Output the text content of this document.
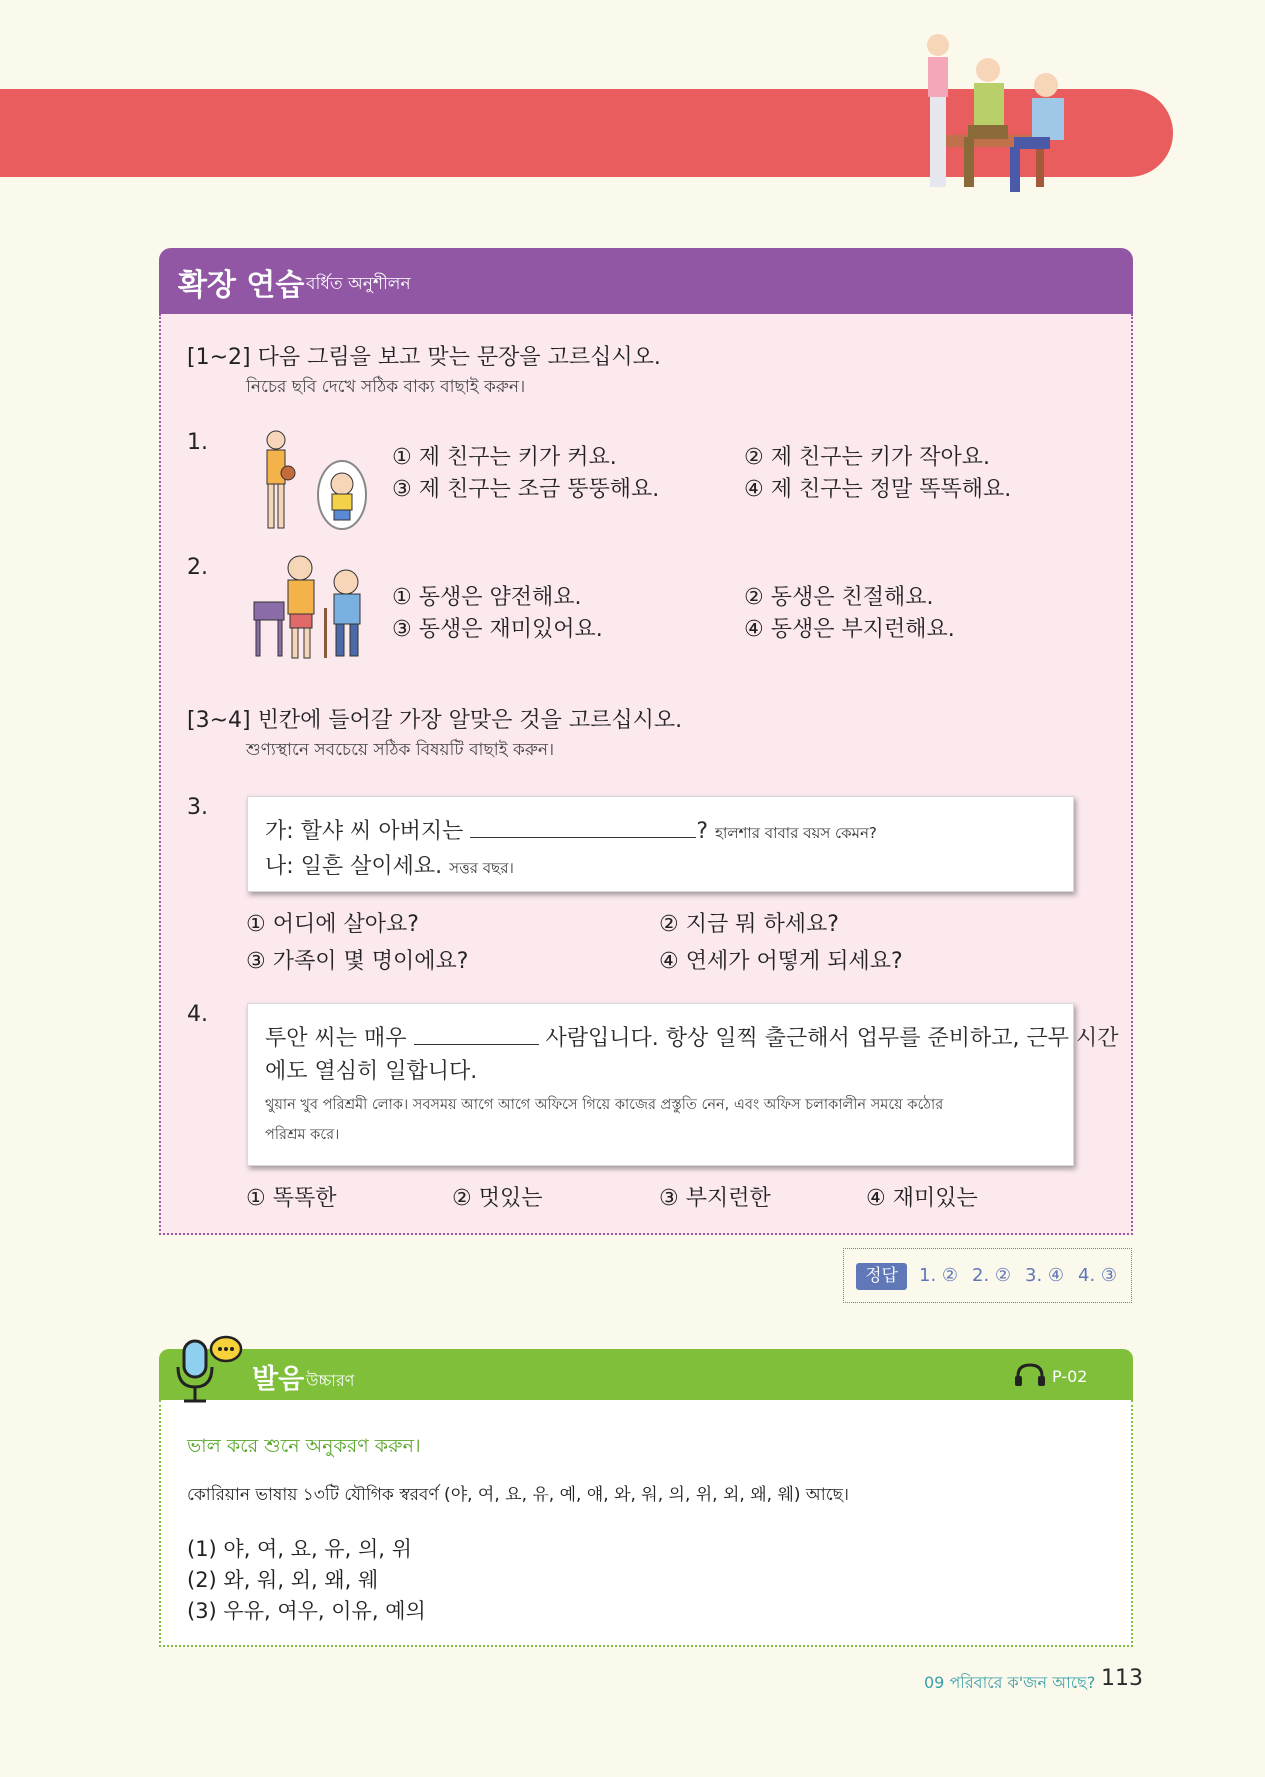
확장 연습 বর্ধিত অনুশীলন
[1~2] 다음 그림을 보고 맞는 문장을 고르십시오.
নিচের ছবি দেখে সঠিক বাক্য বাছাই করুন।
1.
① 제 친구는 키가 커요.	② 제 친구는 키가 작아요.
③ 제 친구는 조금 뚱뚱해요.	④ 제 친구는 정말 똑똑해요.
2.
① 동생은 얌전해요.	② 동생은 친절해요.
③ 동생은 재미있어요.	④ 동생은 부지런해요.
[3~4] 빈칸에 들어갈 가장 알맞은 것을 고르십시오.
শুণ্যস্থানে সবচেয়ে সঠিক বিষয়টি বাছাই করুন।
3.
가: 할샤 씨 아버지는	? হালশার বাবার বয়স কেমন?
나: 일흔 살이세요. সত্তর বছর।
① 어디에 살아요?	② 지금 뭐 하세요?
③ 가족이 몇 명이에요?	④ 연세가 어떻게 되세요?
4.
투안 씨는 매우	사람입니다. 항상 일찍 출근해서 업무를 준비하고, 근무 시간
에도 열심히 일합니다.
থুয়ান খুব পরিশ্রমী লোক। সবসময় আগে আগে অফিসে গিয়ে কাজের প্রস্তুতি নেন, এবং অফিস চলাকালীন সময়ে কঠোর
পরিশ্রম করে।
① 똑똑한	② 멋있는	③ 부지런한	④ 재미있는
정답	1. ② 2. ② 3. ④ 4. ③
발음 উচ্চারণ	P-02
ভাল করে শুনে অনুকরণ করুন।
কোরিয়ান ভাষায় ১৩টি যৌগিক স্বরবর্ণ (야, 여, 요, 유, 예, 얘, 와, 워, 의, 위, 외, 왜, 웨) আছে।
(1) 야, 여, 요, 유, 의, 위
(2) 와, 워, 외, 왜, 웨
(3) 우유, 여우, 이유, 예의
09 পরিবারে ক'জন আছে? 113
